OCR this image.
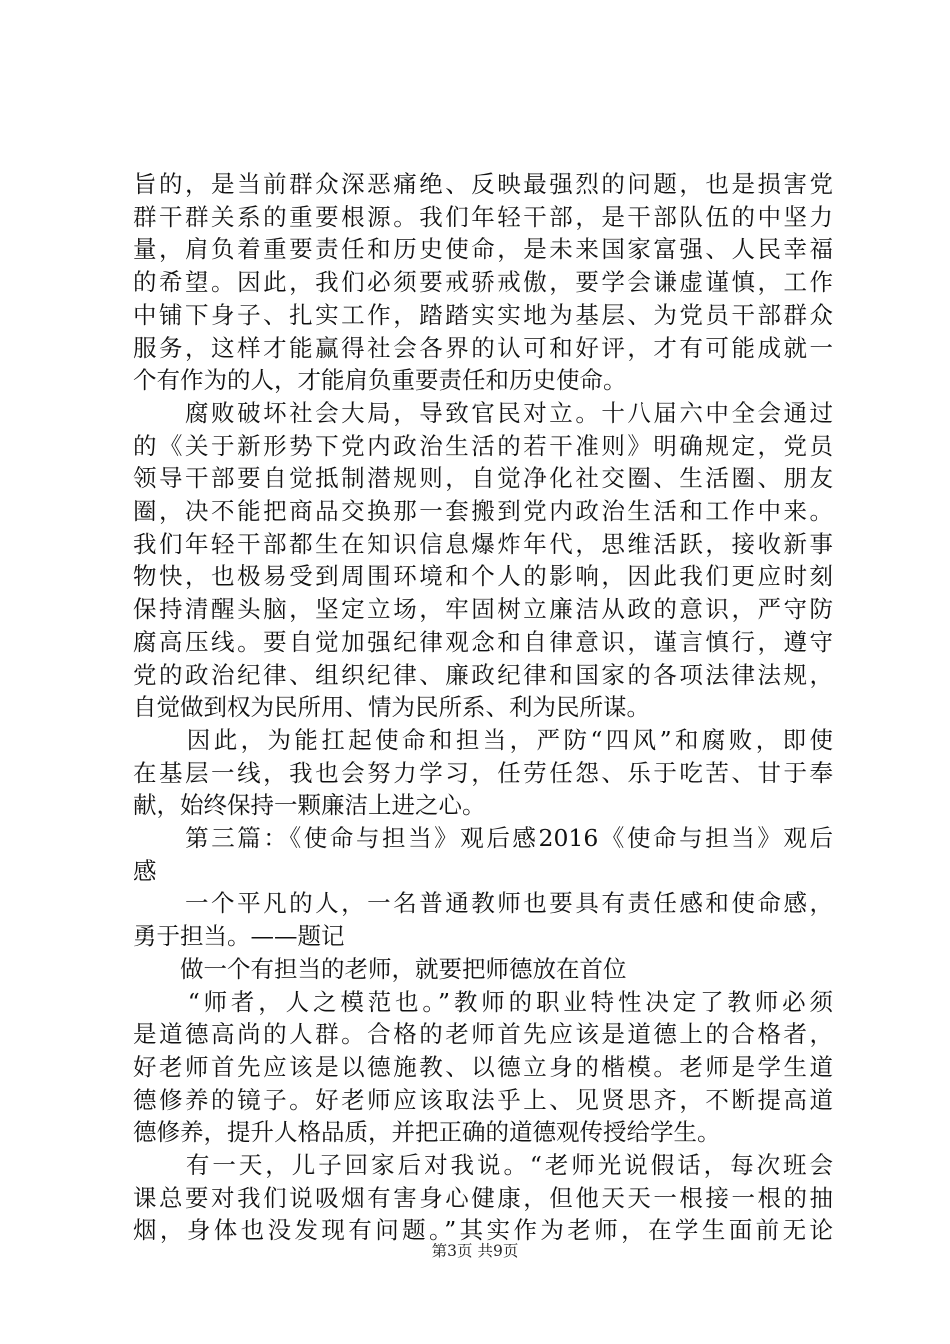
旨的，是当前群众深恶痛绝、反映最强烈的问题，也是损害党
群干群关系的重要根源。我们年轻干部，是干部队伍的中坚力
量，肩负着重要责任和历史使命，是未来国家富强、人民幸福
的希望。因此，我们必须要戒骄戒傲，要学会谦虚谨慎，工作
中铺下身子、扎实工作，踏踏实实地为基层、为党员干部群众
服务，这样才能赢得社会各界的认可和好评，才有可能成就一
个有作为的人，才能肩负重要责任和历史使命。
　　腐败破坏社会大局，导致官民对立。十八届六中全会通过
的《关于新形势下党内政治生活的若干准则》明确规定，党员
领导干部要自觉抵制潜规则，自觉净化社交圈、生活圈、朋友
圈，决不能把商品交换那一套搬到党内政治生活和工作中来。
我们年轻干部都生在知识信息爆炸年代，思维活跃，接收新事
物快，也极易受到周围环境和个人的影响，因此我们更应时刻
保持清醒头脑，坚定立场，牢固树立廉洁从政的意识，严守防
腐高压线。要自觉加强纪律观念和自律意识，谨言慎行，遵守
党的政治纪律、组织纪律、廉政纪律和国家的各项法律法规，
自觉做到权为民所用、情为民所系、利为民所谋。
　　因此，为能扛起使命和担当，严防“四风”和腐败，即使
在基层一线，我也会努力学习，任劳任怨、乐于吃苦、甘于奉
献，始终保持一颗廉洁上进之心。
　　第三篇：《使命与担当》观后感2016《使命与担当》观后
感
　　一个平凡的人，一名普通教师也要具有责任感和使命感，
勇于担当。——题记
　　做一个有担当的老师，就要把师德放在首位
　　“师者，人之模范也。”教师的职业特性决定了教师必须
是道德高尚的人群。合格的老师首先应该是道德上的合格者，
好老师首先应该是以德施教、以德立身的楷模。老师是学生道
德修养的镜子。好老师应该取法乎上、见贤思齐，不断提高道
德修养，提升人格品质，并把正确的道德观传授给学生。
　　有一天，儿子回家后对我说。“老师光说假话，每次班会
课总要对我们说吸烟有害身心健康，但他天天一根接一根的抽
烟，身体也没发现有问题。”其实作为老师，在学生面前无论
第3页 共9页
